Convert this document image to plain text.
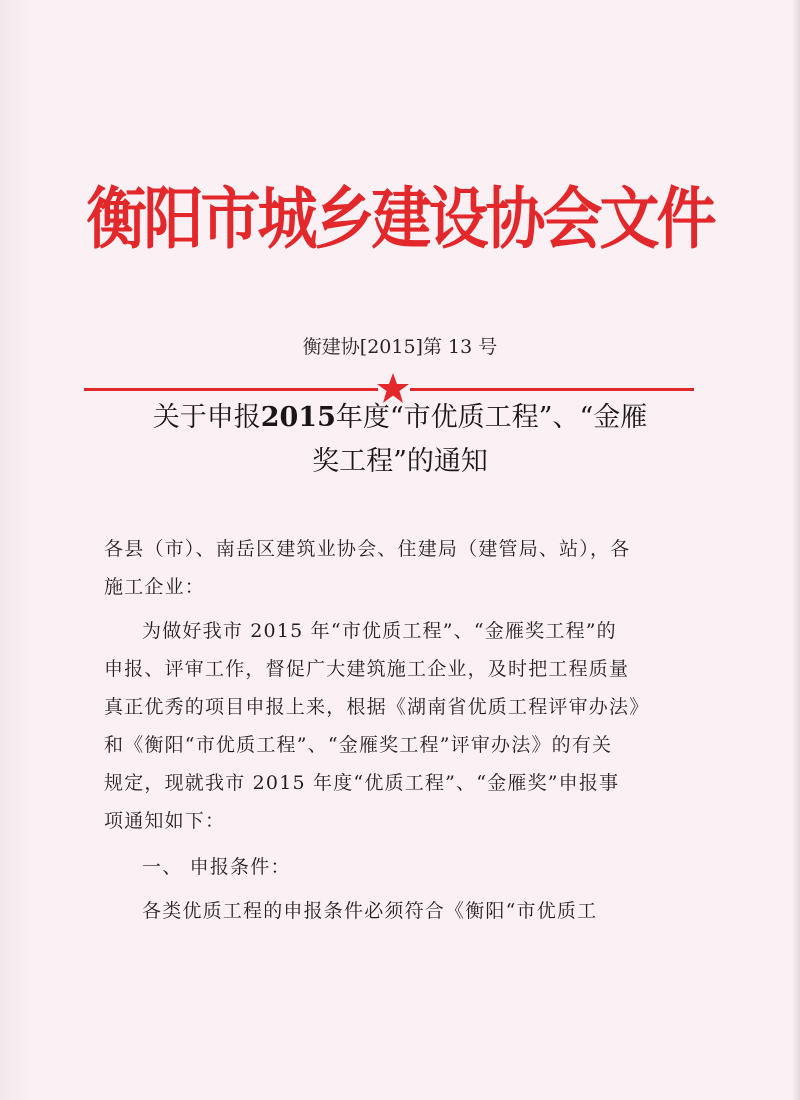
衡阳市城乡建设协会文件
衡建协[2015]第 13 号
关于申报2015年度“市优质工程”、“金雁
奖工程”的通知

各县（市）、南岳区建筑业协会、住建局（建管局、站），各

施工企业：

为做好我市 2015 年“市优质工程”、“金雁奖工程”的

申报、评审工作，督促广大建筑施工企业，及时把工程质量

真正优秀的项目申报上来，根据《湖南省优质工程评审办法》

和《衡阳“市优质工程”、“金雁奖工程”评审办法》的有关

规定，现就我市 2015 年度“优质工程”、“金雁奖”申报事

项通知如下：

一、 申报条件：

各类优质工程的申报条件必须符合《衡阳“市优质工
